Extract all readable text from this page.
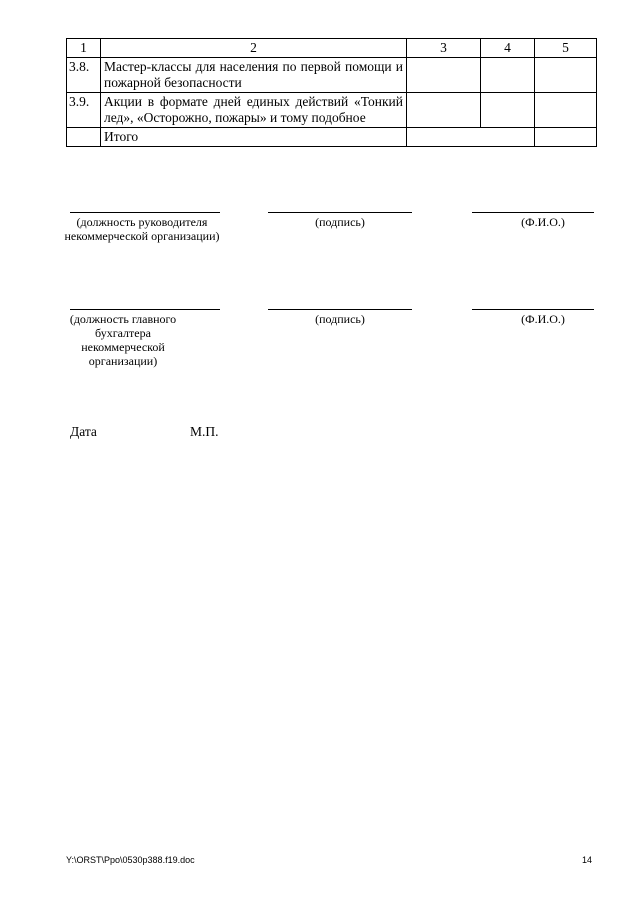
1	2	3	4	5
3.8.	Мастер-классы для населения по первой помощи и пожарной безопасности			
3.9.	Акции в формате дней единых действий «Тонкий лед», «Осторожно, пожары» и тому подобное			
	Итого			
(должность руководителя некоммерческой организации)
(подпись)	(Ф.И.О.)
(должность главного бухгалтера некоммерческой организации)
(подпись)	(Ф.И.О.)
Дата	М.П.
Y:\ORST\Ppo\0530p388.f19.doc	14
